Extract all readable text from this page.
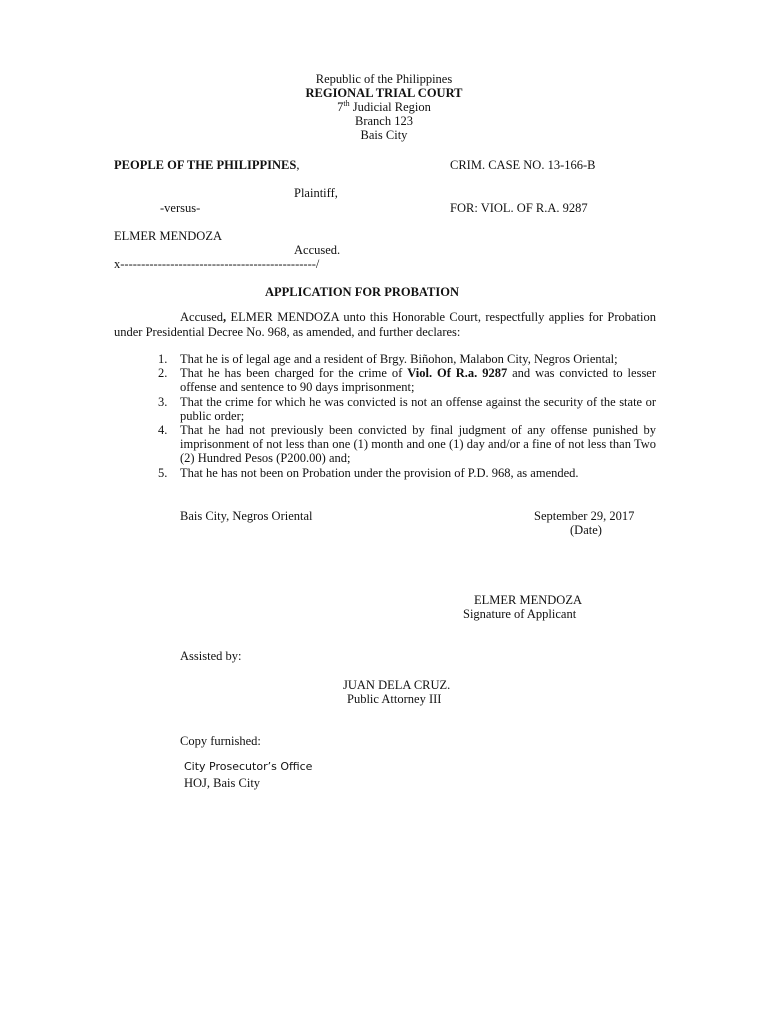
Republic of the Philippines
REGIONAL TRIAL COURT
7th Judicial Region
Branch 123
Bais City
PEOPLE OF THE PHILIPPINES,	CRIM. CASE NO. 13-166-B
Plaintiff,
-versus-	FOR: VIOL. OF R.A. 9287
ELMER MENDOZA
Accused.
x-----------------------------------------------/
APPLICATION FOR PROBATION
Accused, ELMER MENDOZA unto this Honorable Court, respectfully applies for Probation under Presidential Decree No. 968, as amended, and further declares:
1. That he is of legal age and a resident of Brgy. Biñohon, Malabon City, Negros Oriental;
2. That he has been charged for the crime of Viol. Of R.a. 9287 and was convicted to lesser offense and sentence to 90 days imprisonment;
3. That the crime for which he was convicted is not an offense against the security of the state or public order;
4. That he had not previously been convicted by final judgment of any offense punished by imprisonment of not less than one (1) month and one (1) day and/or a fine of not less than Two (2) Hundred Pesos (P200.00) and;
5. That he has not been on Probation under the provision of P.D. 968, as amended.
Bais City, Negros Oriental	September 29, 2017
(Date)
ELMER MENDOZA
Signature of Applicant
Assisted by:
JUAN DELA CRUZ.
Public Attorney III
Copy furnished:
City Prosecutor’s Office
HOJ, Bais City
